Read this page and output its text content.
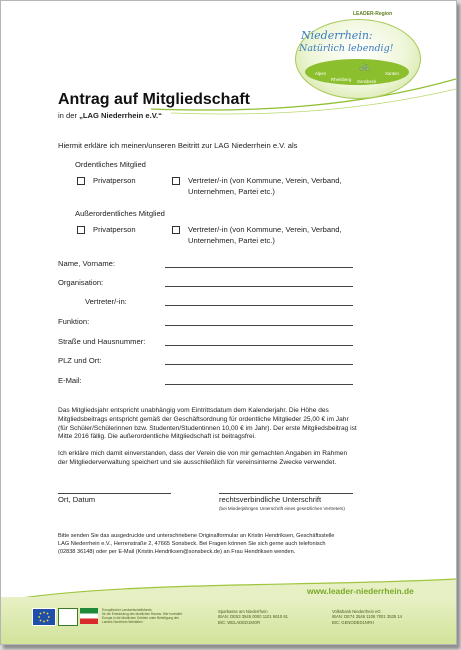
LEADER-Region
Niederrhein:
Natürlich lebendig!
🚲
Alpen
Rheinberg Sonsbeck
Xanten
Antrag auf Mitgliedschaft
in der „LAG Niederrhein e.V.“
Hiermit erkläre ich meinen/unseren Beitritt zur LAG Niederrhein e.V. als
Ordentliches Mitglied
Privatperson	Vertreter/-in (von Kommune, Verein, Verband,
Unternehmen, Partei etc.)
Außerordentliches Mitglied
Privatperson	Vertreter/-in (von Kommune, Verein, Verband,
Unternehmen, Partei etc.)
Name, Vorname:
Organisation:
Vertreter/-in:
Funktion:
Straße und Hausnummer:
PLZ und Ort:
E-Mail:
Das Mitgliedsjahr entspricht unabhängig vom Eintrittsdatum dem Kalenderjahr. Die Höhe des
Mitgliedsbeitrags entspricht gemäß der Geschäftsordnung für ordentliche Mitglieder 25,00 € im Jahr
(für Schüler/Schülerinnen bzw. Studenten/Studentinnen 10,00 € im Jahr). Der erste Mitgliedsbeitrag ist
Mitte 2016 fällig. Die außerordentliche Mitgliedschaft ist beitragsfrei.
Ich erkläre mich damit einverstanden, dass der Verein die von mir gemachten Angaben im Rahmen
der Mitgliederverwaltung speichert und sie ausschließlich für vereinsinterne Zwecke verwendet.
Ort, Datum	rechtsverbindliche Unterschrift
(bei Minderjährigen Unterschrift eines gesetzlichen Vertreters)
Bitte senden Sie das ausgedruckte und unterschriebene Originalformular an Kristin Hendriksen, Geschäftsstelle
LAG Niederrhein e.V., Herrenstraße 2, 47665 Sonsbeck. Bei Fragen können Sie sich gerne auch telefonisch
(02838 36148) oder per E-Mail (Kristin.Hendriksen@sonsbeck.de) an Frau Hendriksen wenden.
www.leader-niederrhein.de
Europäischer Landwirtschaftsfonds
für die Entwicklung des ländlichen Raums: Hier investiert
Europa in die ländlichen Gebiete unter Beteiligung des
Landes Nordrhein-Westfalen
Sparkasse am Niederrhein
IBAN: DE53 3545 0000 1101 6610 61
BIC: WELADED1MOR
Volksbank Niederrhein eG
IBAN: DE74 3546 1106 7001 3535 14
BIC: GENODED1NRH
